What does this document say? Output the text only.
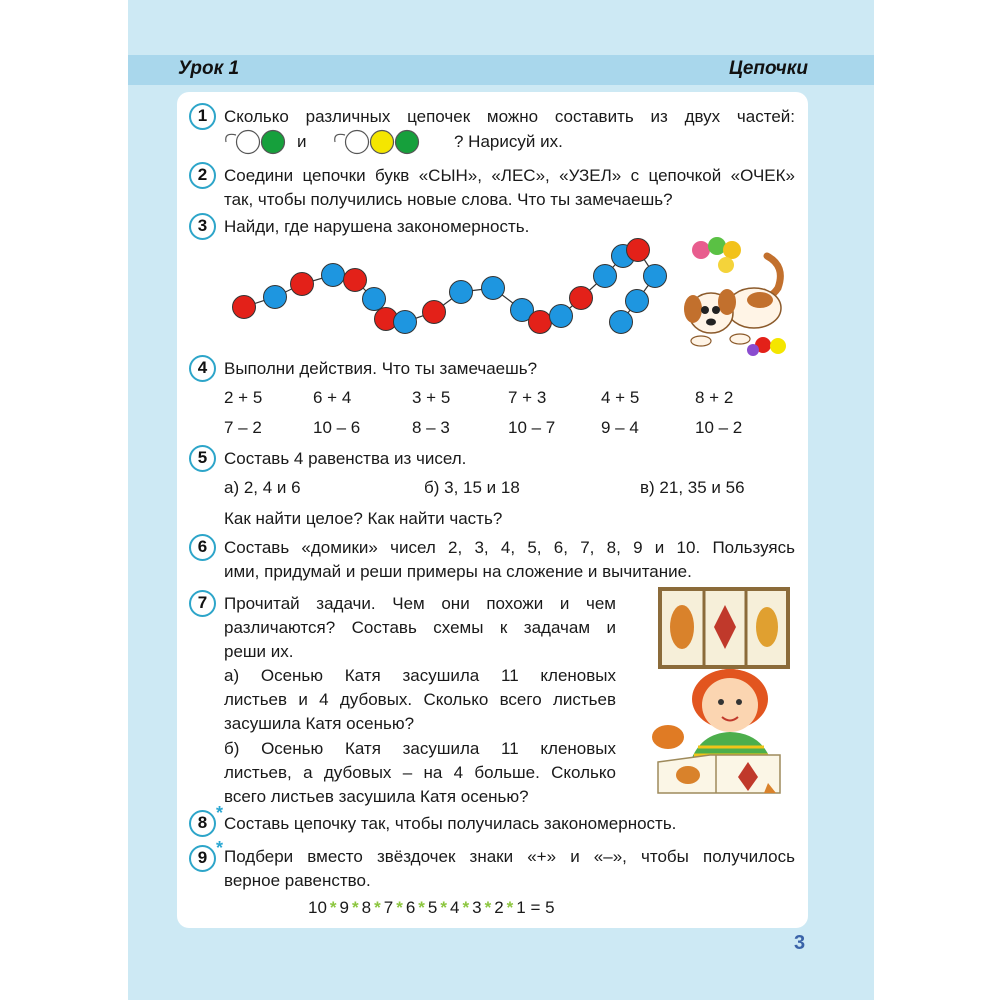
Урок 1	Цепочки
1 Сколько различных цепочек можно составить из двух частей:
и	? Нарисуй их.
2 Соедини цепочки букв «СЫН», «ЛЕС», «УЗЕЛ» с цепочкой «ОЧЕК»
так, чтобы получились новые слова. Что ты замечаешь?
3 Найди, где нарушена закономерность.
4 Выполни действия. Что ты замечаешь?
2 + 5	6 + 4	3 + 5	7 + 3	4 + 5	8 + 2
7 – 2	10 – 6	8 – 3	10 – 7	9 – 4	10 – 2
5 Составь 4 равенства из чисел.
а) 2, 4 и 6	б) 3, 15 и 18	в) 21, 35 и 56
Как найти целое? Как найти часть?
6 Составь «домики» чисел 2, 3, 4, 5, 6, 7, 8, 9 и 10. Пользуясь
ими, придумай и реши примеры на сложение и вычитание.
7 Прочитай задачи. Чем они похожи и чем
различаются? Составь схемы к задачам и
реши их.
а) Осенью Катя засушила 11 кленовых
листьев и 4 дубовых. Сколько всего листьев
засушила Катя осенью?
б) Осенью Катя засушила 11 кленовых
листьев, а дубовых – на 4 больше. Сколько
всего листьев засушила Катя осенью?
8 * Составь цепочку так, чтобы получилась закономерность.
9 * Подбери вместо звёздочек знаки «+» и «–», чтобы получилось
верное равенство.
10 * 9 * 8 * 7 * 6 * 5 * 4 * 3 * 2 * 1 = 5
3
